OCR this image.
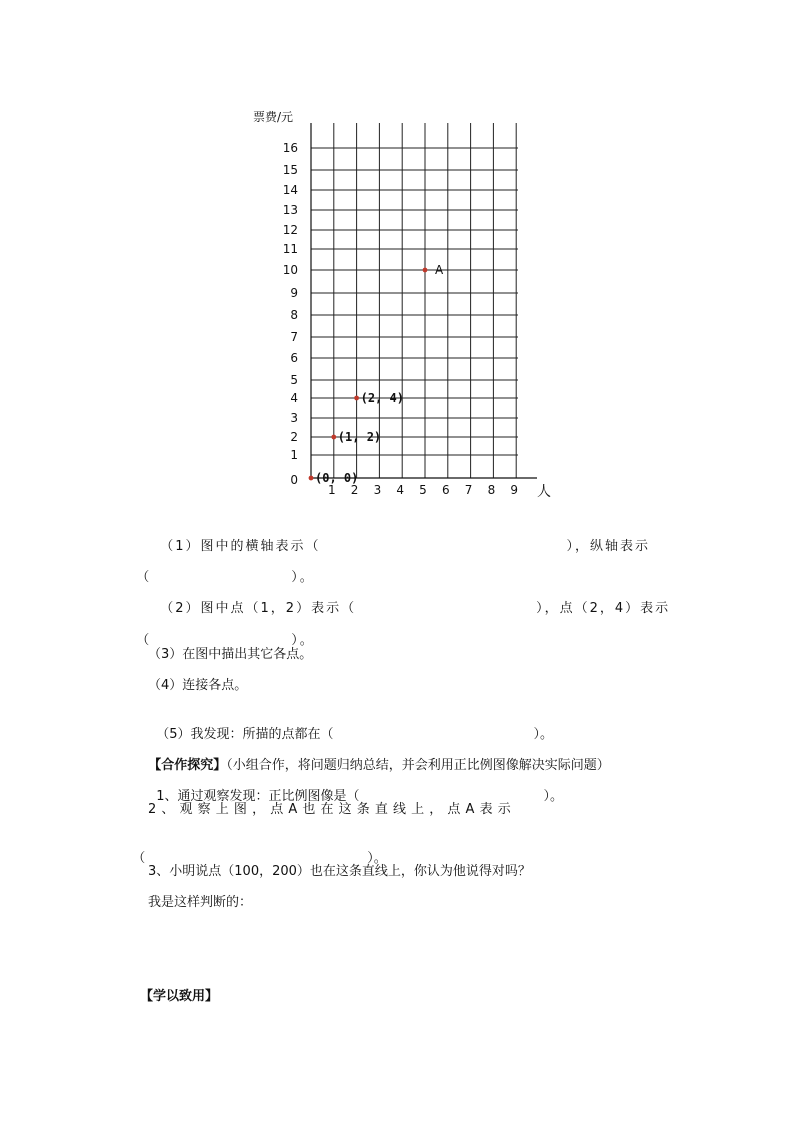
0
1
2
3
4
5
6
7
8
9
10
11
12
13
14
15
16
1 2 3 4 5 6 7 8 9
(0, 0)
(1, 2)
(2, 4)
A
票费/元
人

（1）图中的横轴表示（	），纵轴表示

（	）。

（2）图中点（1，2）表示（	），点（2，4）表示

（	）。

（3）在图中描出其它各点。
（4）连接各点。

（5）我发现：所描的点都在（	）。

【合作探究】（小组合作，将问题归纳总结，并会利用正比例图像解决实际问题）

1、通过观察发现：正比例图像是（	）。

2 、 观 察 上 图 ， 点 A 也 在 这 条 直 线 上 ， 点 A 表 示

（	）。

3、小明说点（100，200）也在这条直线上，你认为他说得对吗？
我是这样判断的：
【学以致用】
